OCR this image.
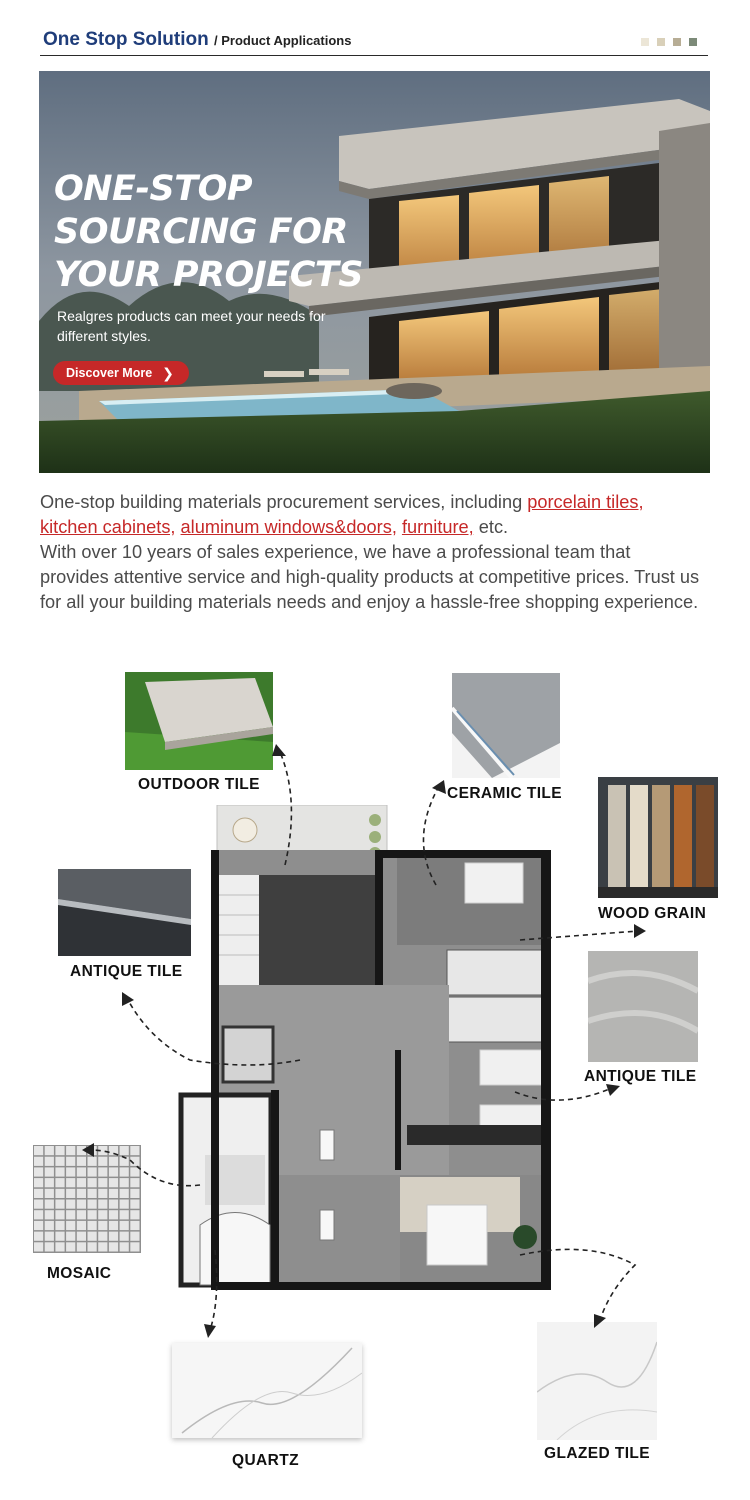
One Stop Solution / Product Applications
ONE-STOP
SOURCING FOR
YOUR PROJECTS
Realgres products can meet your needs for different styles.
Discover More ❯
One-stop building materials procurement services, including porcelain tiles,
kitchen cabinets, aluminum windows&doors, furniture, etc.

With over 10 years of sales experience, we have a professional team that provides attentive service and high-quality products at competitive prices. Trust us for all your building materials needs and enjoy a hassle-free shopping experience.
OUTDOOR TILE
CERAMIC TILE
WOOD GRAIN
ANTIQUE TILE
ANTIQUE TILE
MOSAIC
QUARTZ	GLAZED TILE
